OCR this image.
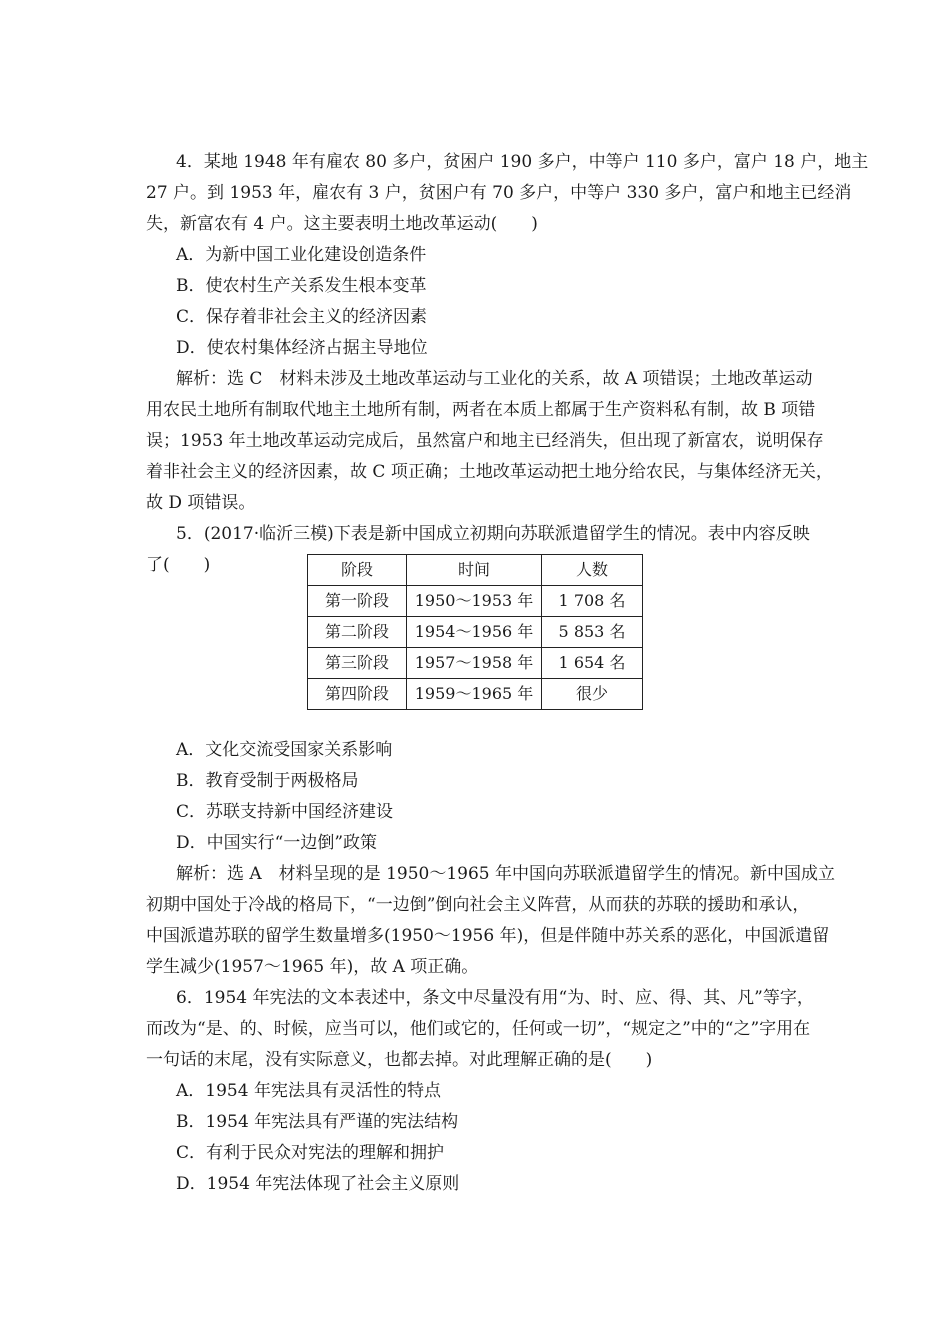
4．某地 1948 年有雇农 80 多户，贫困户 190 多户，中等户 110 多户，富户 18 户，地主
27 户。到 1953 年，雇农有 3 户，贫困户有 70 多户，中等户 330 多户，富户和地主已经消
失，新富农有 4 户。这主要表明土地改革运动(　　)
A．为新中国工业化建设创造条件
B．使农村生产关系发生根本变革
C．保存着非社会主义的经济因素
D．使农村集体经济占据主导地位
解析：选 C　材料未涉及土地改革运动与工业化的关系，故 A 项错误；土地改革运动
用农民土地所有制取代地主土地所有制，两者在本质上都属于生产资料私有制，故 B 项错
误；1953 年土地改革运动完成后，虽然富户和地主已经消失，但出现了新富农，说明保存
着非社会主义的经济因素，故 C 项正确；土地改革运动把土地分给农民，与集体经济无关，
故 D 项错误。
5．(2017·临沂三模)下表是新中国成立初期向苏联派遣留学生的情况。表中内容反映
了(　　)	阶段	时间	人数
第一阶段	1950～1953 年	1 708 名
第二阶段	1954～1956 年	5 853 名
第三阶段	1957～1958 年	1 654 名
第四阶段	1959～1965 年	很少
A．文化交流受国家关系影响
B．教育受制于两极格局
C．苏联支持新中国经济建设
D．中国实行“一边倒”政策
解析：选 A　材料呈现的是 1950～1965 年中国向苏联派遣留学生的情况。新中国成立
初期中国处于冷战的格局下，“一边倒”倒向社会主义阵营，从而获的苏联的援助和承认，
中国派遣苏联的留学生数量增多(1950～1956 年)，但是伴随中苏关系的恶化，中国派遣留
学生减少(1957～1965 年)，故 A 项正确。
6．1954 年宪法的文本表述中，条文中尽量没有用“为、时、应、得、其、凡”等字，
而改为“是、的、时候，应当可以，他们或它的，任何或一切”，“规定之”中的“之”字用在
一句话的末尾，没有实际意义，也都去掉。对此理解正确的是(　　)
A．1954 年宪法具有灵活性的特点
B．1954 年宪法具有严谨的宪法结构
C．有利于民众对宪法的理解和拥护
D．1954 年宪法体现了社会主义原则
